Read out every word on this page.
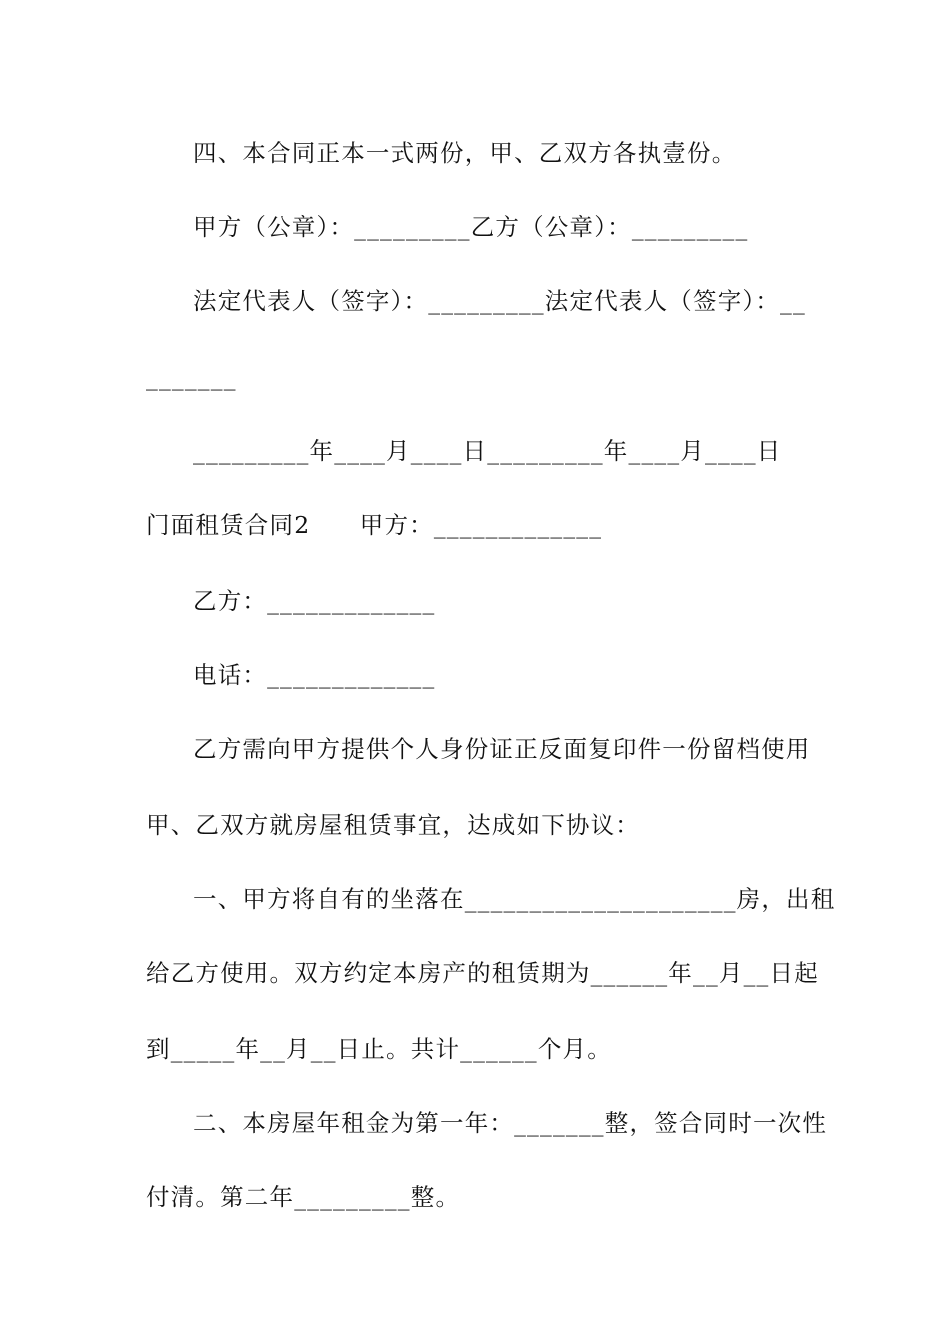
四、本合同正本一式两份，甲、乙双方各执壹份。
甲方（公章）：_________乙方（公章）：_________
法定代表人（签字）：_________法定代表人（签字）：__
_______
_________年____月____日_________年____月____日
门面租赁合同2　　甲方：_____________
乙方：_____________
电话：_____________
乙方需向甲方提供个人身份证正反面复印件一份留档使用
甲、乙双方就房屋租赁事宜，达成如下协议：
一、甲方将自有的坐落在_____________________房，出租
给乙方使用。双方约定本房产的租赁期为______年__月__日起
到_____年__月__日止。共计______个月。
二、本房屋年租金为第一年：_______整，签合同时一次性
付清。第二年_________整。
